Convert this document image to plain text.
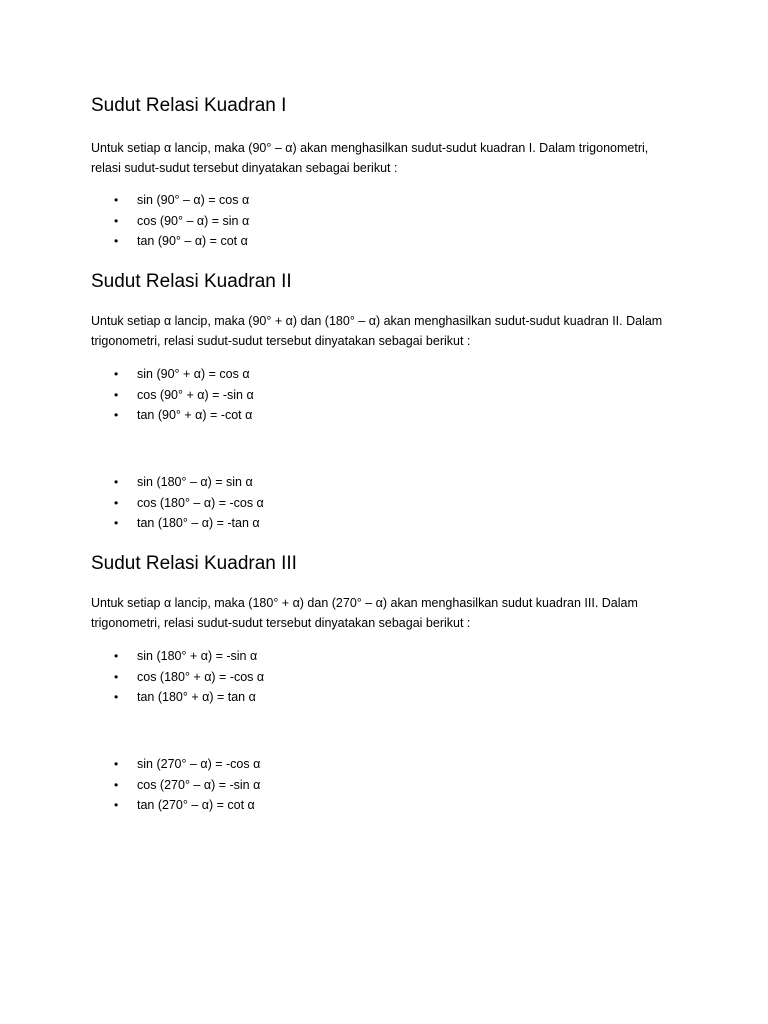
Sudut Relasi Kuadran I

Untuk setiap α lancip, maka (90° – α) akan menghasilkan sudut-sudut kuadran I. Dalam trigonometri,

relasi sudut-sudut tersebut dinyatakan sebagai berikut :

• sin (90° – α) = cos α
• cos (90° – α) = sin α
• tan (90° – α) = cot α
Sudut Relasi Kuadran II

Untuk setiap α lancip, maka (90° + α) dan (180° – α) akan menghasilkan sudut-sudut kuadran II. Dalam

trigonometri, relasi sudut-sudut tersebut dinyatakan sebagai berikut :

• sin (90° + α) = cos α
• cos (90° + α) = -sin α
• tan (90° + α) = -cot α
• sin (180° – α) = sin α
• cos (180° – α) = -cos α
• tan (180° – α) = -tan α
Sudut Relasi Kuadran III

Untuk setiap α lancip, maka (180° + α) dan (270° – α) akan menghasilkan sudut kuadran III. Dalam

trigonometri, relasi sudut-sudut tersebut dinyatakan sebagai berikut :

• sin (180° + α) = -sin α
• cos (180° + α) = -cos α
• tan (180° + α) = tan α
• sin (270° – α) = -cos α
• cos (270° – α) = -sin α
• tan (270° – α) = cot α
